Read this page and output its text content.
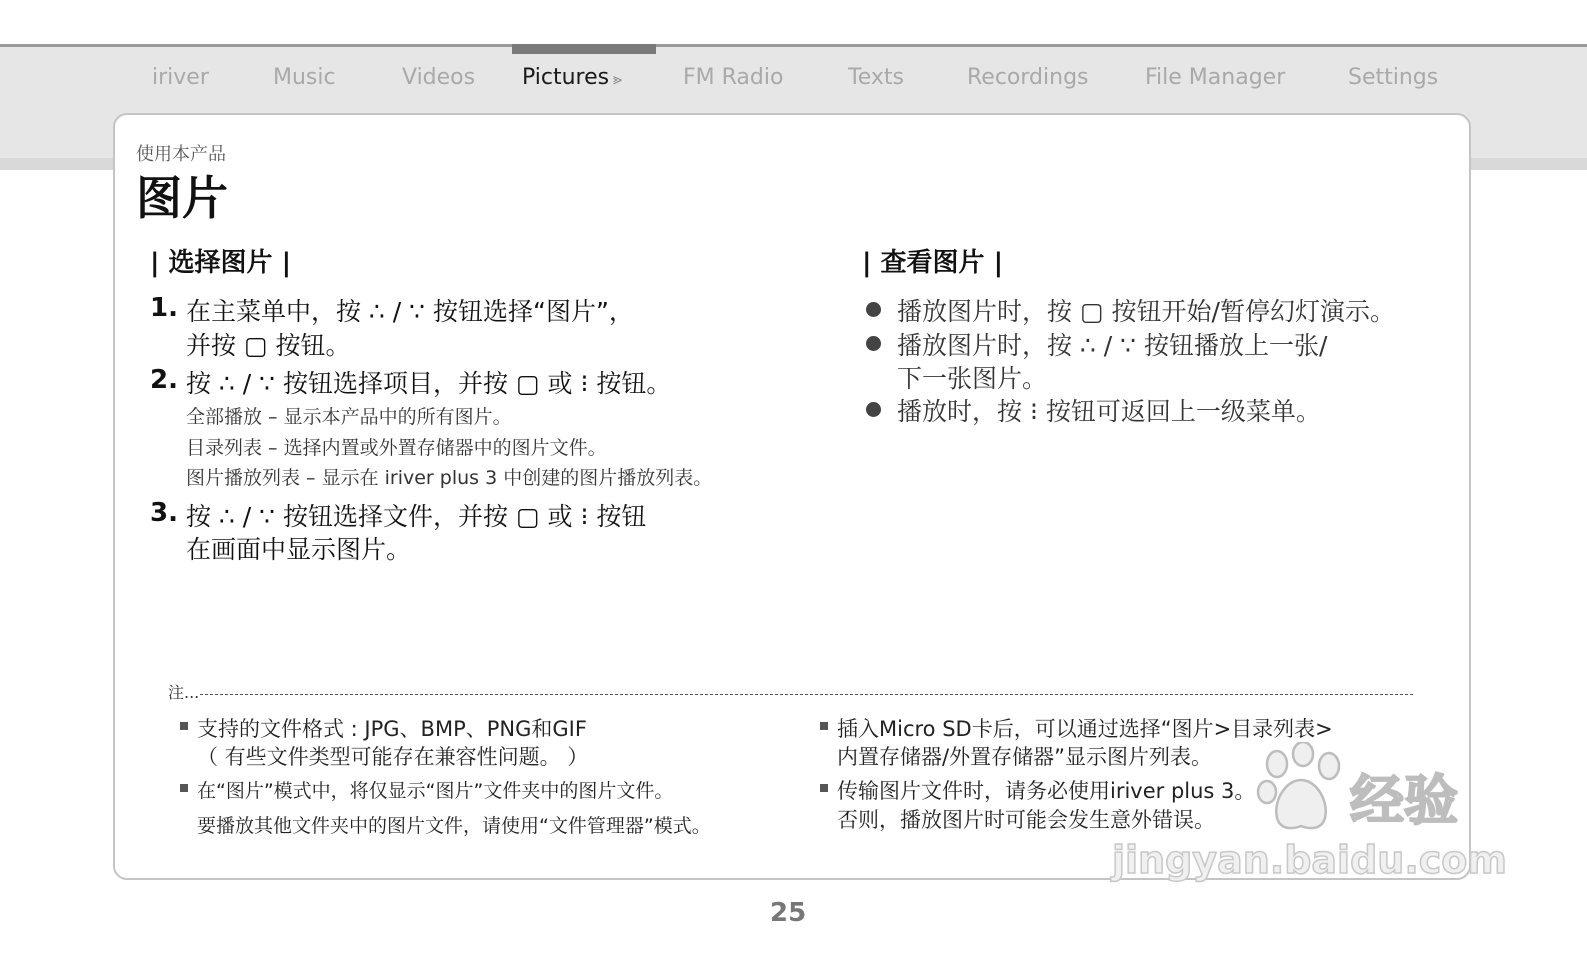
iriver	Music	Videos Pictures ⪢	FM Radio	Texts	Recordings	File Manager	Settings
使用本产品
图片
| 选择图片 |
1. 在主菜单中，按 ∴ / ∵ 按钮选择“图片”，
并按 ▢ 按钮。
2. 按 ∴ / ∵ 按钮选择项目，并按 ▢ 或 ⁝ 按钮。
全部播放 – 显示本产品中的所有图片。
目录列表 – 选择内置或外置存储器中的图片文件。
图片播放列表 – 显示在 iriver plus 3 中创建的图片播放列表。
3. 按 ∴ / ∵ 按钮选择文件，并按 ▢ 或 ⁝ 按钮
在画面中显示图片。
| 查看图片 |
播放图片时，按 ▢ 按钮开始/暂停幻灯演示。
播放图片时，按 ∴ / ∵ 按钮播放上一张/
下一张图片。
播放时，按 ⁝ 按钮可返回上一级菜单。
注...
支持的文件格式 : JPG、BMP、PNG和GIF
（ 有些文件类型可能存在兼容性问题。 ）
在“图片”模式中，将仅显示“图片”文件夹中的图片文件。
要播放其他文件夹中的图片文件，请使用“文件管理器”模式。
插入Micro SD卡后，可以通过选择“图片>目录列表>
内置存储器/外置存储器”显示图片列表。
传输图片文件时，请务必使用iriver plus 3。
否则，播放图片时可能会发生意外错误。
25
经验
jingyan.baidu.com
